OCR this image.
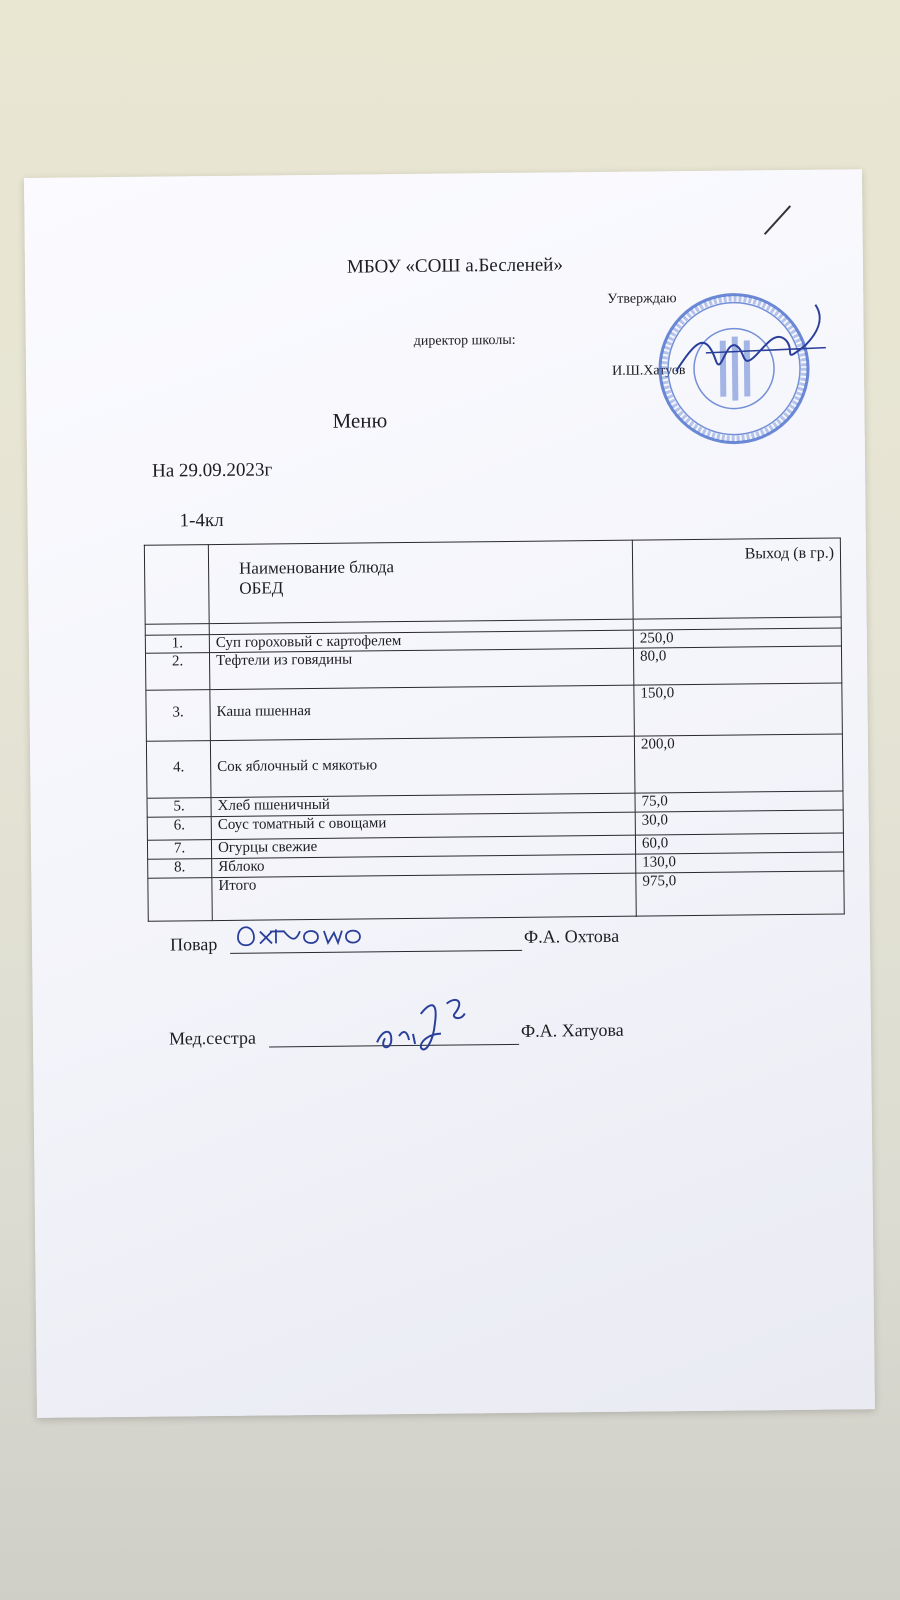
МБОУ «СОШ а.Бесленей»
Утверждаю
директор школы:
И.Ш.Хатуов
Меню
На 29.09.2023г
1-4кл

	Наименование блюда
ОБЕД	Выход (в гр.)

1.	Суп гороховый с картофелем	250,0
2.	Тефтели из говядины	80,0
3.	Каша пшенная	150,0
4.	Сок яблочный с мякотью	200,0
5.	Хлеб пшеничный	75,0
6.	Соус томатный с овощами	30,0
7.	Огурцы свежие	60,0
8.	Яблоко	130,0
	Итого	975,0
Повар	Ф.А. Охтова
Мед.сестра	Ф.А. Хатуова
